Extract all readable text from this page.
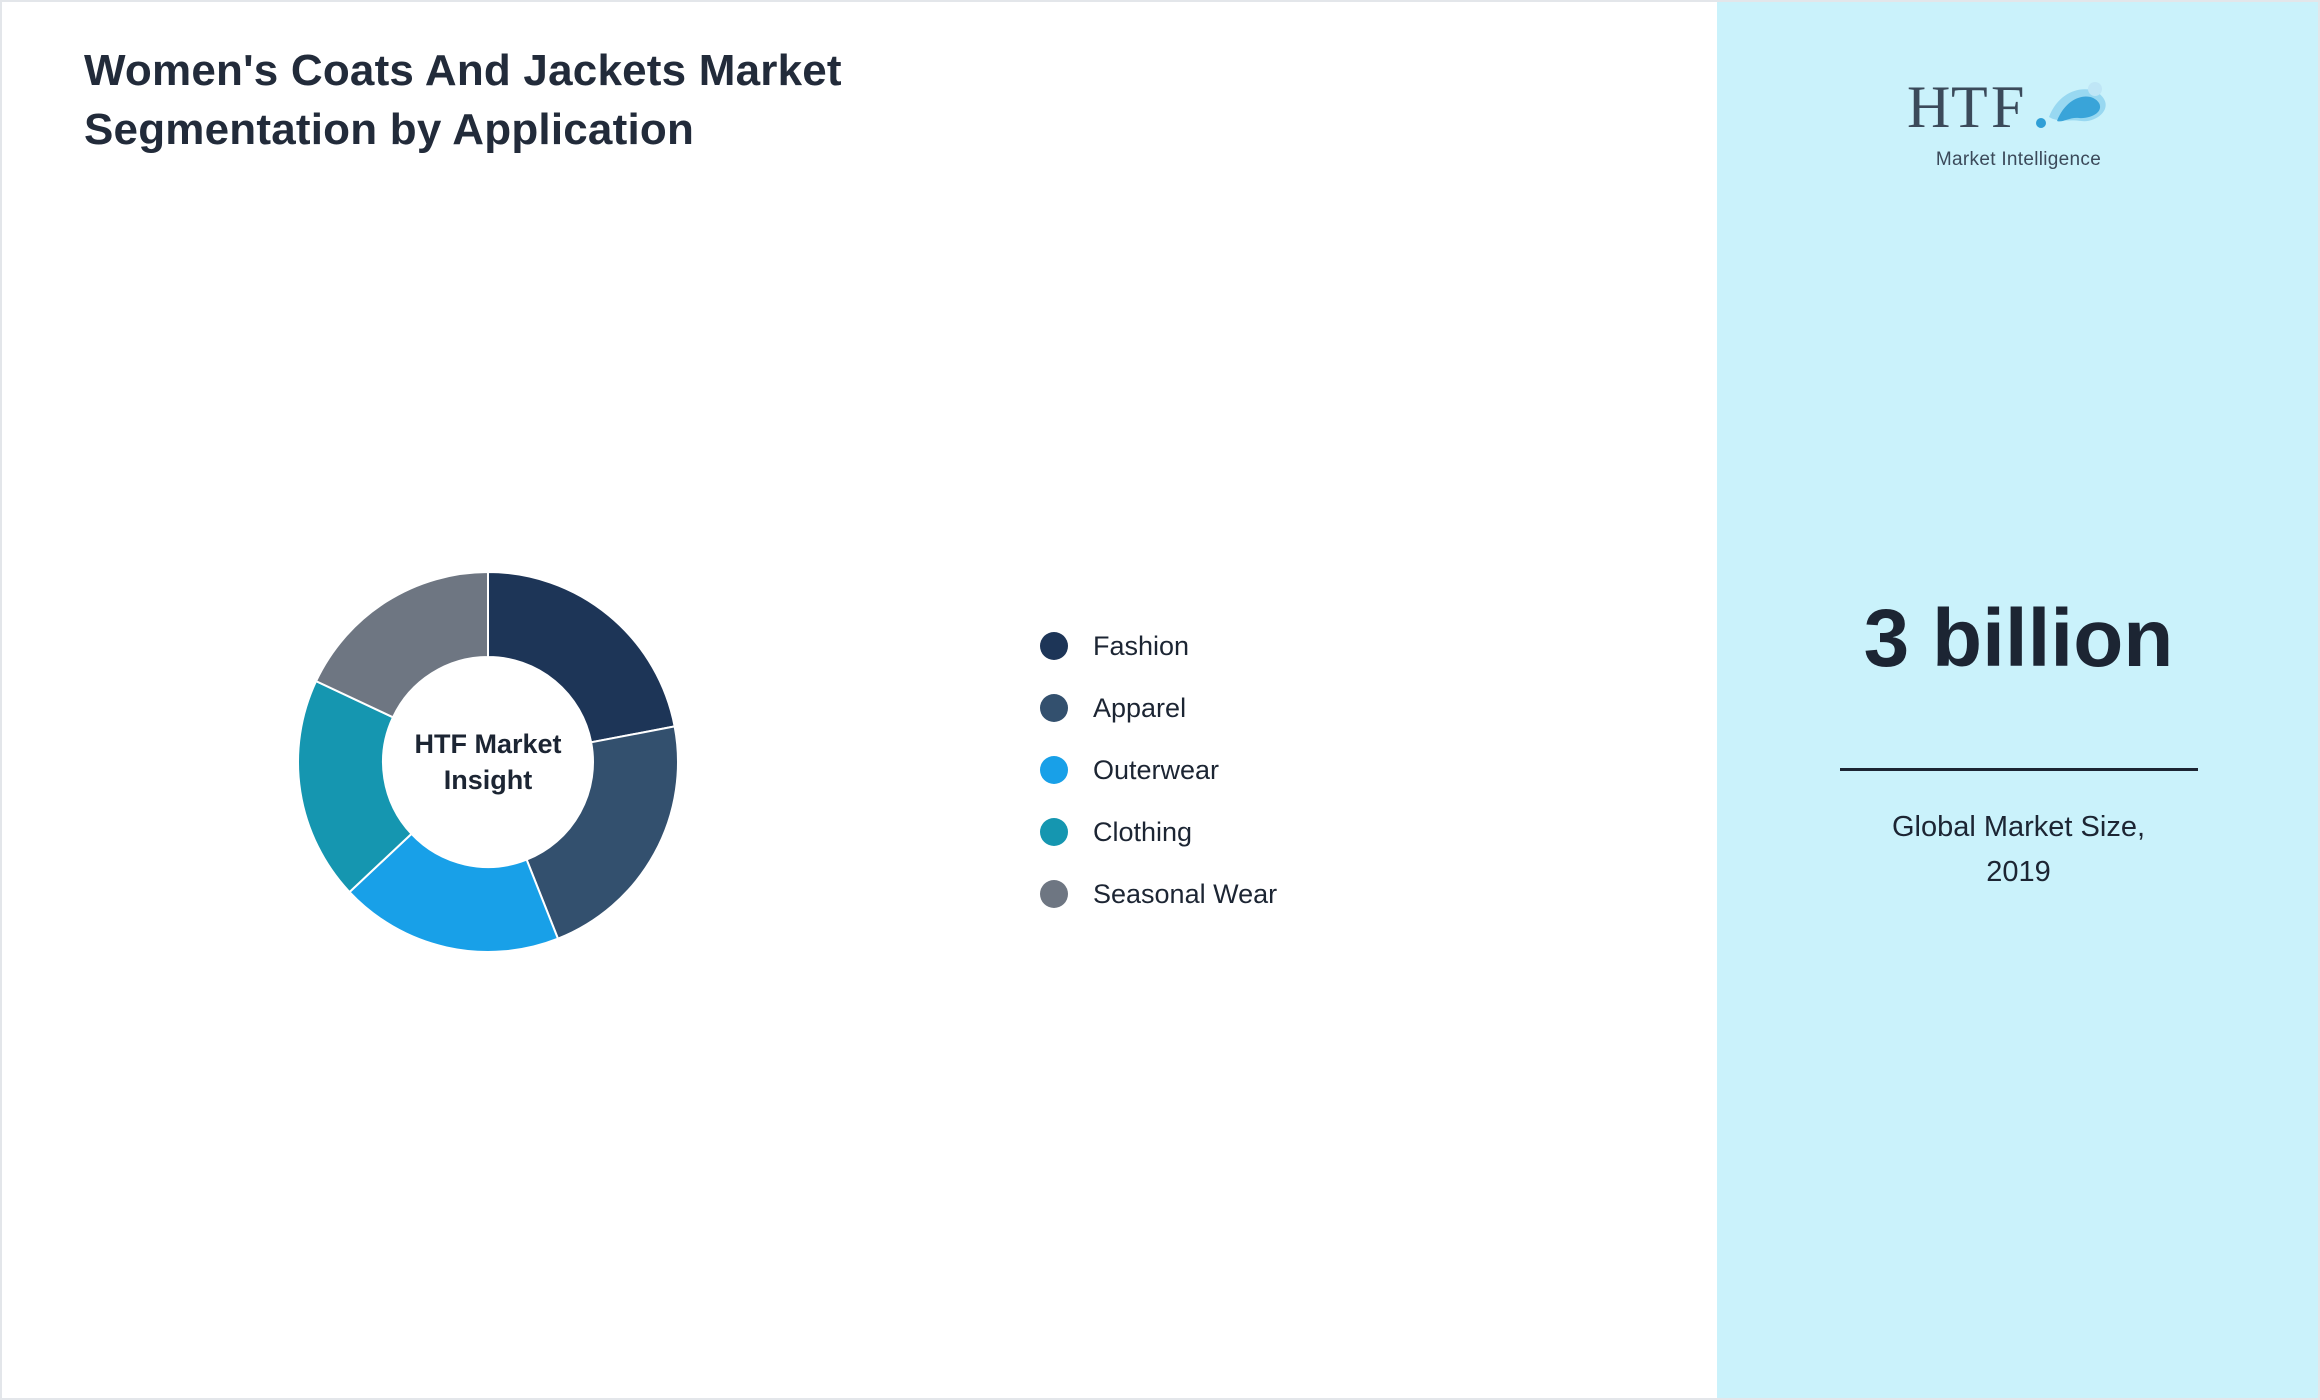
Women's Coats And Jackets Market Segmentation by Application
HTF Market
Insight
Fashion
Apparel
Outerwear
Clothing
Seasonal Wear
H T F
Market Intelligence
3 billion
Global Market Size,
2019
